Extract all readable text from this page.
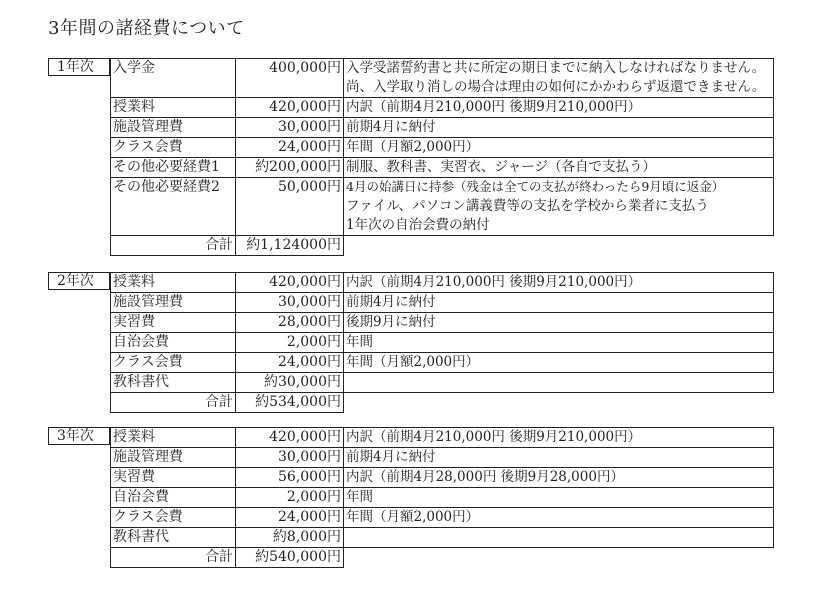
3年間の諸経費について
1年次	入学金	400,000円	入学受諾誓約書と共に所定の期日までに納入しなければなりません。
尚、入学取り消しの場合は理由の如何にかかわらず返還できません。

授業料	420,000円	内訳（前期4月210,000円 後期9月210,000円）
施設管理費	30,000円	前期4月に納付
クラス会費	24,000円	年間（月額2,000円）
その他必要経費1	約200,000円	制服、教科書、実習衣、ジャージ（各自で支払う）
その他必要経費2	50,000円	4月の始講日に持参（残金は全ての支払が終わったら9月頃に返金）
ファイル、パソコン講義費等の支払を学校から業者に支払う
1年次の自治会費の納付

合計	約1,124000円	
2年次	授業料	420,000円	内訳（前期4月210,000円 後期9月210,000円）
施設管理費	30,000円	前期4月に納付
実習費	28,000円	後期9月に納付
自治会費	2,000円	年間
クラス会費	24,000円	年間（月額2,000円）
教科書代	約30,000円	
合計	約534,000円	
3年次	授業料	420,000円	内訳（前期4月210,000円 後期9月210,000円）
施設管理費	30,000円	前期4月に納付
実習費	56,000円	内訳（前期4月28,000円 後期9月28,000円）
自治会費	2,000円	年間
クラス会費	24,000円	年間（月額2,000円）
教科書代	約8,000円	
合計	約540,000円	
